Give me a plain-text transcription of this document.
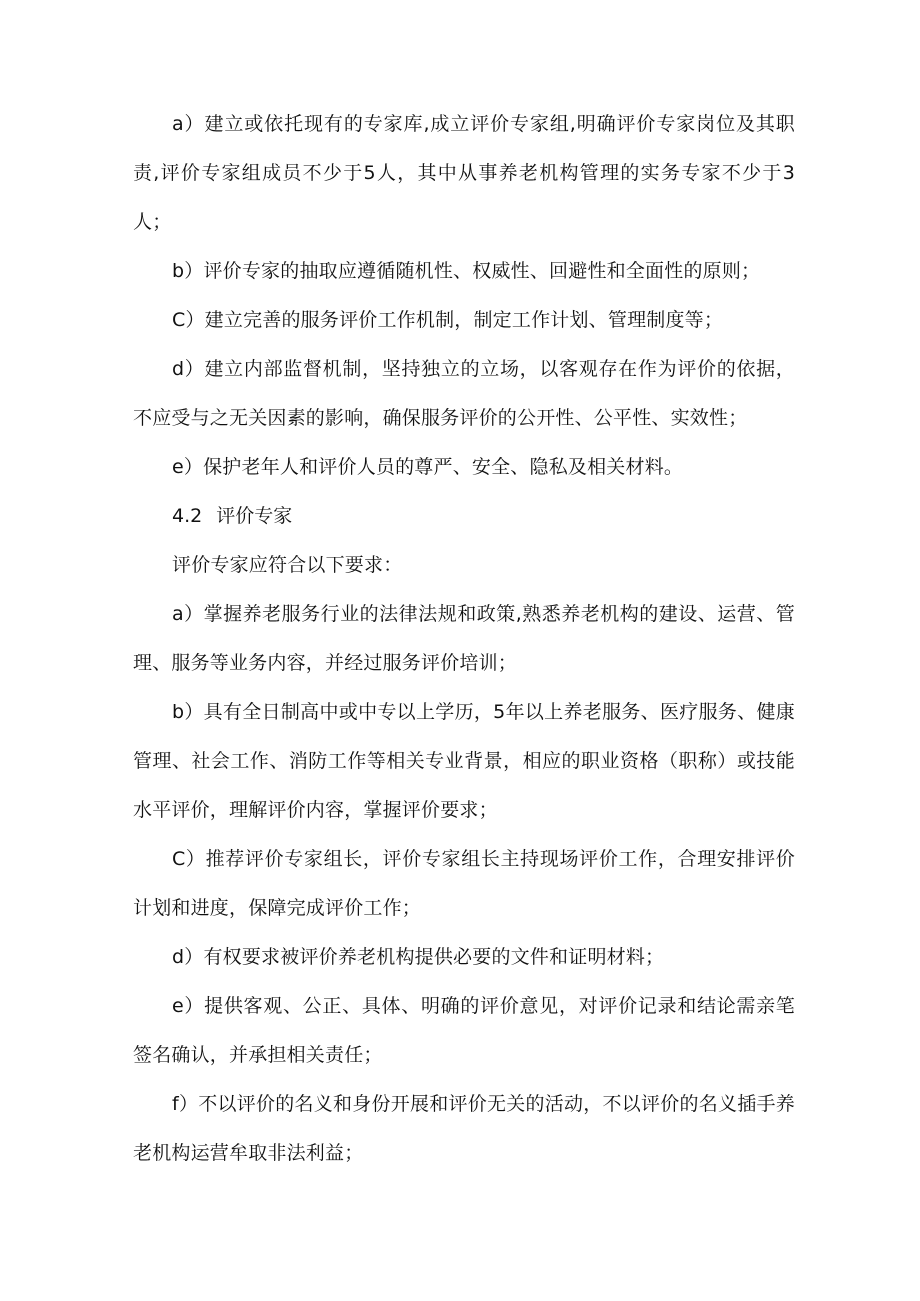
a）建立或依托现有的专家库,成立评价专家组,明确评价专家岗位及其职责,评价专家组成员不少于5人，其中从事养老机构管理的实务专家不少于3人；

b）评价专家的抽取应遵循随机性、权威性、回避性和全面性的原则；

C）建立完善的服务评价工作机制，制定工作计划、管理制度等；

d）建立内部监督机制，坚持独立的立场，以客观存在作为评价的依据，不应受与之无关因素的影响，确保服务评价的公开性、公平性、实效性；

e）保护老年人和评价人员的尊严、安全、隐私及相关材料。

4.2 评价专家

评价专家应符合以下要求：

a）掌握养老服务行业的法律法规和政策,熟悉养老机构的建设、运营、管理、服务等业务内容，并经过服务评价培训；

b）具有全日制高中或中专以上学历，5年以上养老服务、医疗服务、健康管理、社会工作、消防工作等相关专业背景，相应的职业资格（职称）或技能水平评价，理解评价内容，掌握评价要求；

C）推荐评价专家组长，评价专家组长主持现场评价工作，合理安排评价计划和进度，保障完成评价工作；

d）有权要求被评价养老机构提供必要的文件和证明材料；

e）提供客观、公正、具体、明确的评价意见，对评价记录和结论需亲笔签名确认，并承担相关责任；

f）不以评价的名义和身份开展和评价无关的活动，不以评价的名义插手养老机构运营牟取非法利益；
